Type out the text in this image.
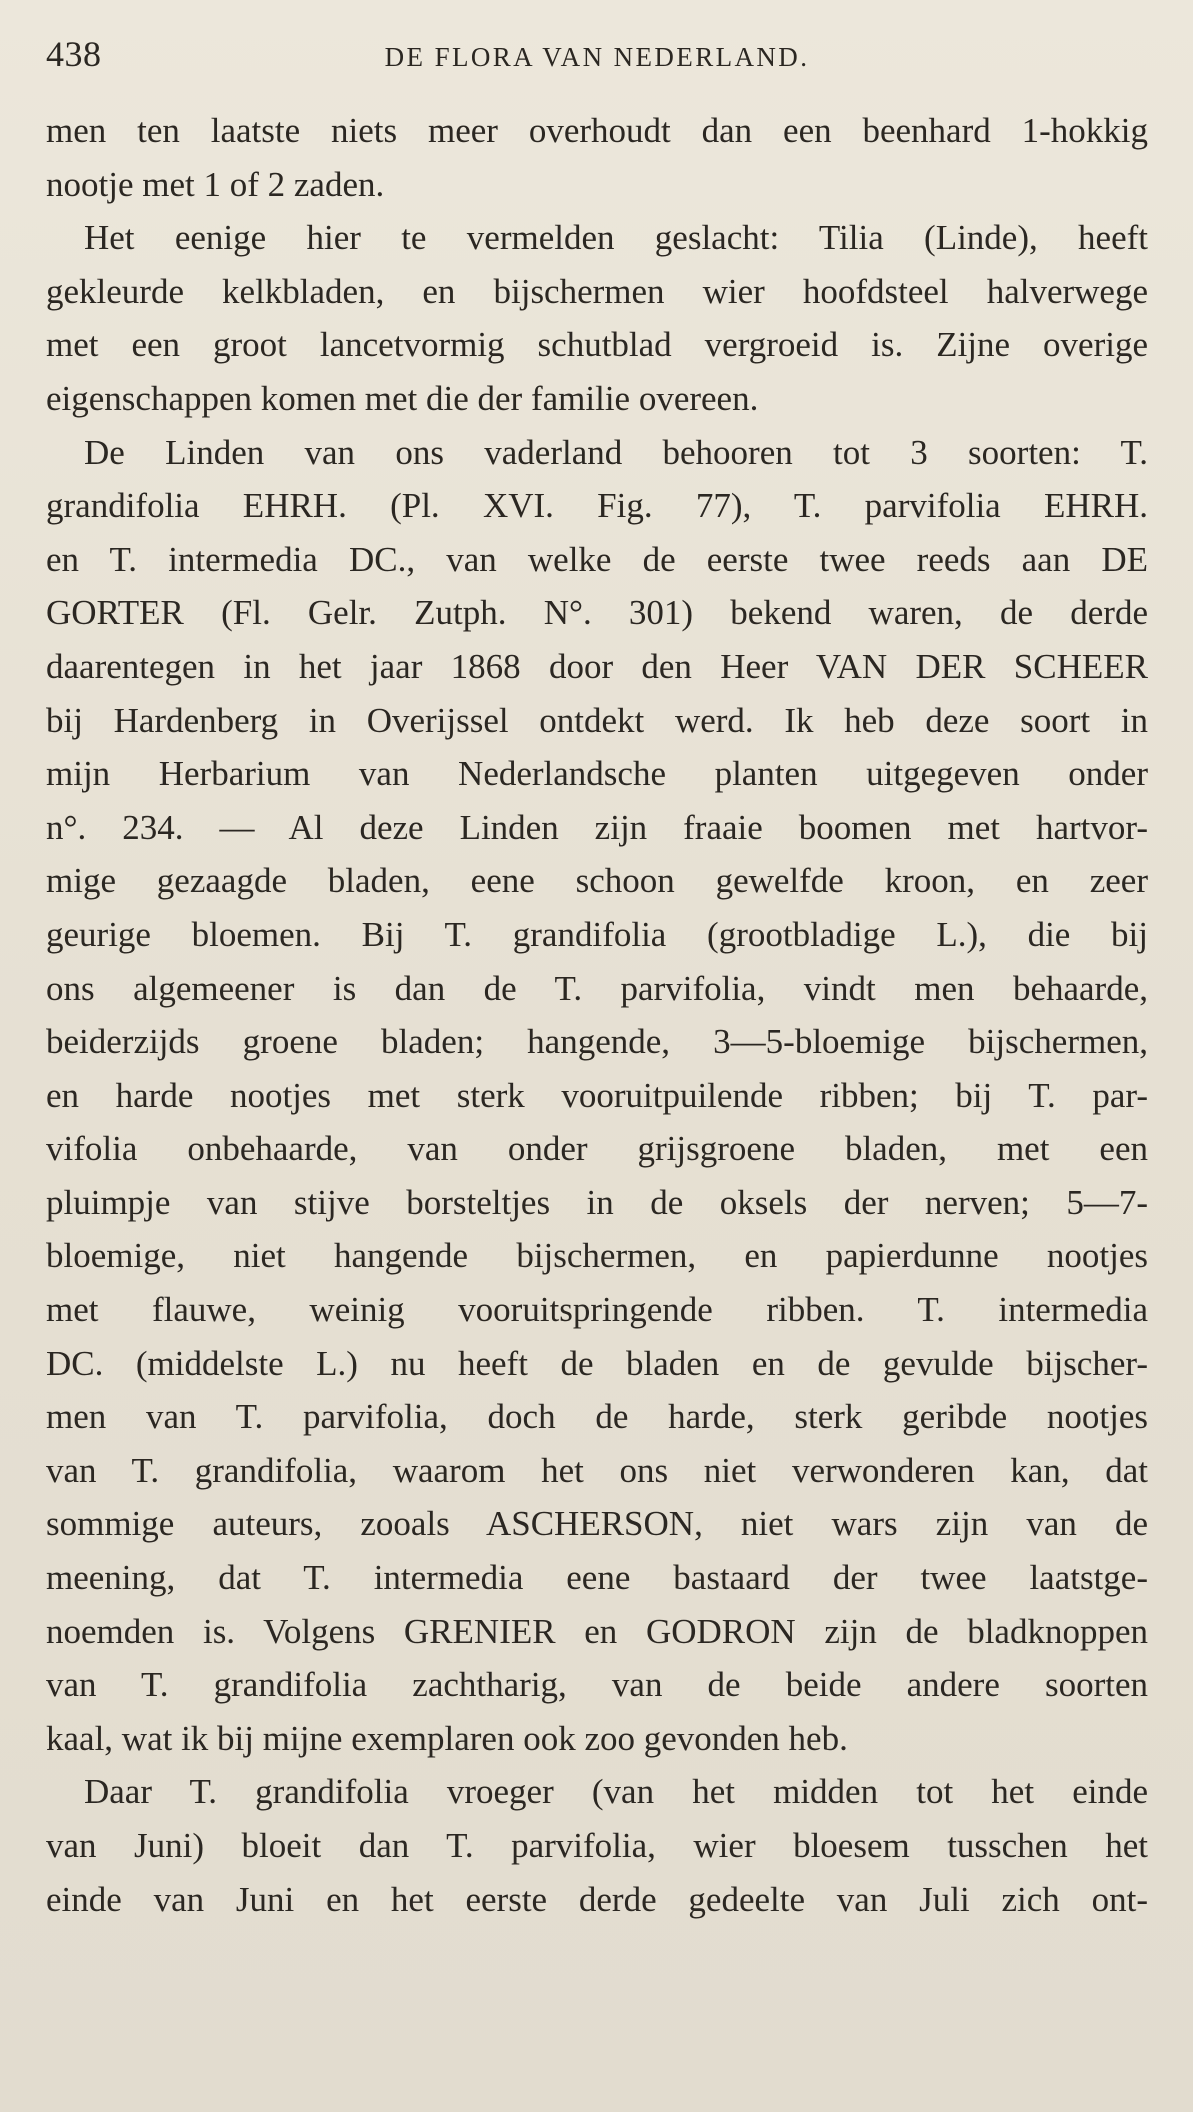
438	DE FLORA VAN NEDERLAND.

men ten laatste niets meer overhoudt dan een beenhard 1-hokkig
nootje met 1 of 2 zaden.

Het eenige hier te vermelden geslacht: Tilia (Linde), heeft
gekleurde kelkbladen, en bijschermen wier hoofdsteel halverwege
met een groot lancetvormig schutblad vergroeid is. Zijne overige
eigenschappen komen met die der familie overeen.

De Linden van ons vaderland behooren tot 3 soorten: T.
grandifolia EHRH. (Pl. XVI. Fig. 77), T. parvifolia EHRH.
en T. intermedia DC., van welke de eerste twee reeds aan DE
GORTER (Fl. Gelr. Zutph. N°. 301) bekend waren, de derde
daarentegen in het jaar 1868 door den Heer VAN DER SCHEER
bij Hardenberg in Overijssel ontdekt werd. Ik heb deze soort in
mijn Herbarium van Nederlandsche planten uitgegeven onder
n°. 234. — Al deze Linden zijn fraaie boomen met hartvor-
mige gezaagde bladen, eene schoon gewelfde kroon, en zeer
geurige bloemen. Bij T. grandifolia (grootbladige L.), die bij
ons algemeener is dan de T. parvifolia, vindt men behaarde,
beiderzijds groene bladen; hangende, 3—5-bloemige bijschermen,
en harde nootjes met sterk vooruitpuilende ribben; bij T. par-
vifolia onbehaarde, van onder grijsgroene bladen, met een
pluimpje van stijve borsteltjes in de oksels der nerven; 5—7-
bloemige, niet hangende bijschermen, en papierdunne nootjes
met flauwe, weinig vooruitspringende ribben. T. intermedia
DC. (middelste L.) nu heeft de bladen en de gevulde bijscher-
men van T. parvifolia, doch de harde, sterk geribde nootjes
van T. grandifolia, waarom het ons niet verwonderen kan, dat
sommige auteurs, zooals ASCHERSON, niet wars zijn van de
meening, dat T. intermedia eene bastaard der twee laatstge-
noemden is. Volgens GRENIER en GODRON zijn de bladknoppen
van T. grandifolia zachtharig, van de beide andere soorten
kaal, wat ik bij mijne exemplaren ook zoo gevonden heb.

Daar T. grandifolia vroeger (van het midden tot het einde
van Juni) bloeit dan T. parvifolia, wier bloesem tusschen het
einde van Juni en het eerste derde gedeelte van Juli zich ont-
